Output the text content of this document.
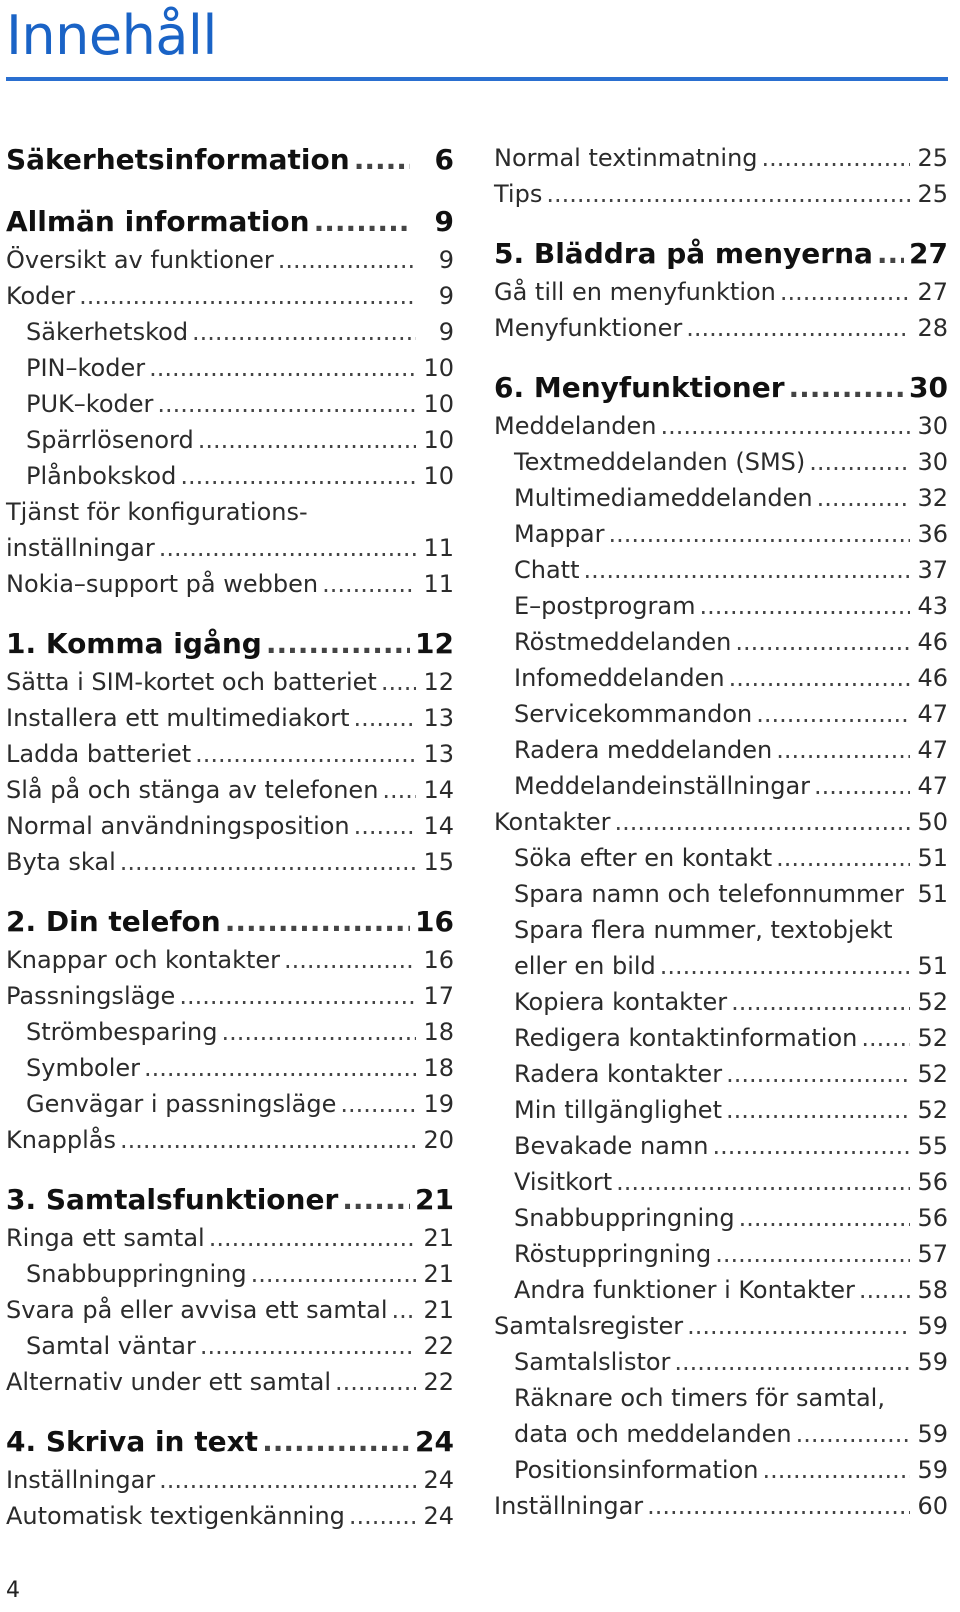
Innehåll
Säkerhetsinformation .....	6
Allmän information .....	9
Översikt av funktioner .....	9
Koder .....	9
Säkerhetskod .....	9
PIN–koder .....	10
PUK–koder .....	10
Spärrlösenord .....	10
Plånbokskod .....	10
Tjänst för konfigurations-
inställningar .....	11
Nokia–support på webben .....	11
1. Komma igång .....	12
Sätta i SIM-kortet och batteriet ..... 12
Installera ett multimediakort .....	13
Ladda batteriet .....	13
Slå på och stänga av telefonen ..... 14
Normal användningsposition .....	14
Byta skal .....	15
2. Din telefon .....	16
Knappar och kontakter .....	16
Passningsläge .....	17
Strömbesparing .....	18
Symboler .....	18
Genvägar i passningsläge .....	19
Knapplås .....	20
3. Samtalsfunktioner .....	21
Ringa ett samtal .....	21
Snabbuppringning .....	21
Svara på eller avvisa ett samtal ..... 21
Samtal väntar .....	22
Alternativ under ett samtal .....	22
4. Skriva in text .....	24
Inställningar .....	24
Automatisk textigenkänning .....	24
Normal textinmatning .....	25
Tips .....	25
5. Bläddra på menyerna ..... 27
Gå till en menyfunktion .....	27
Menyfunktioner .....	28
6. Menyfunktioner .....	30
Meddelanden .....	30
Textmeddelanden (SMS) .....	30
Multimediameddelanden .....	32
Mappar .....	36
Chatt .....	37
E–postprogram .....	43
Röstmeddelanden .....	46
Infomeddelanden .....	46
Servicekommandon .....	47
Radera meddelanden .....	47
Meddelandeinställningar .....	47
Kontakter .....	50
Söka efter en kontakt .....	51
Spara namn och telefonnummer 51
Spara flera nummer, textobjekt
eller en bild .....	51
Kopiera kontakter .....	52
Redigera kontaktinformation .....	52
Radera kontakter .....	52
Min tillgänglighet .....	52
Bevakade namn .....	55
Visitkort .....	56
Snabbuppringning .....	56
Röstuppringning .....	57
Andra funktioner i Kontakter .....	58
Samtalsregister .....	59
Samtalslistor .....	59
Räknare och timers för samtal,
data och meddelanden .....	59
Positionsinformation .....	59
Inställningar .....	60
4
